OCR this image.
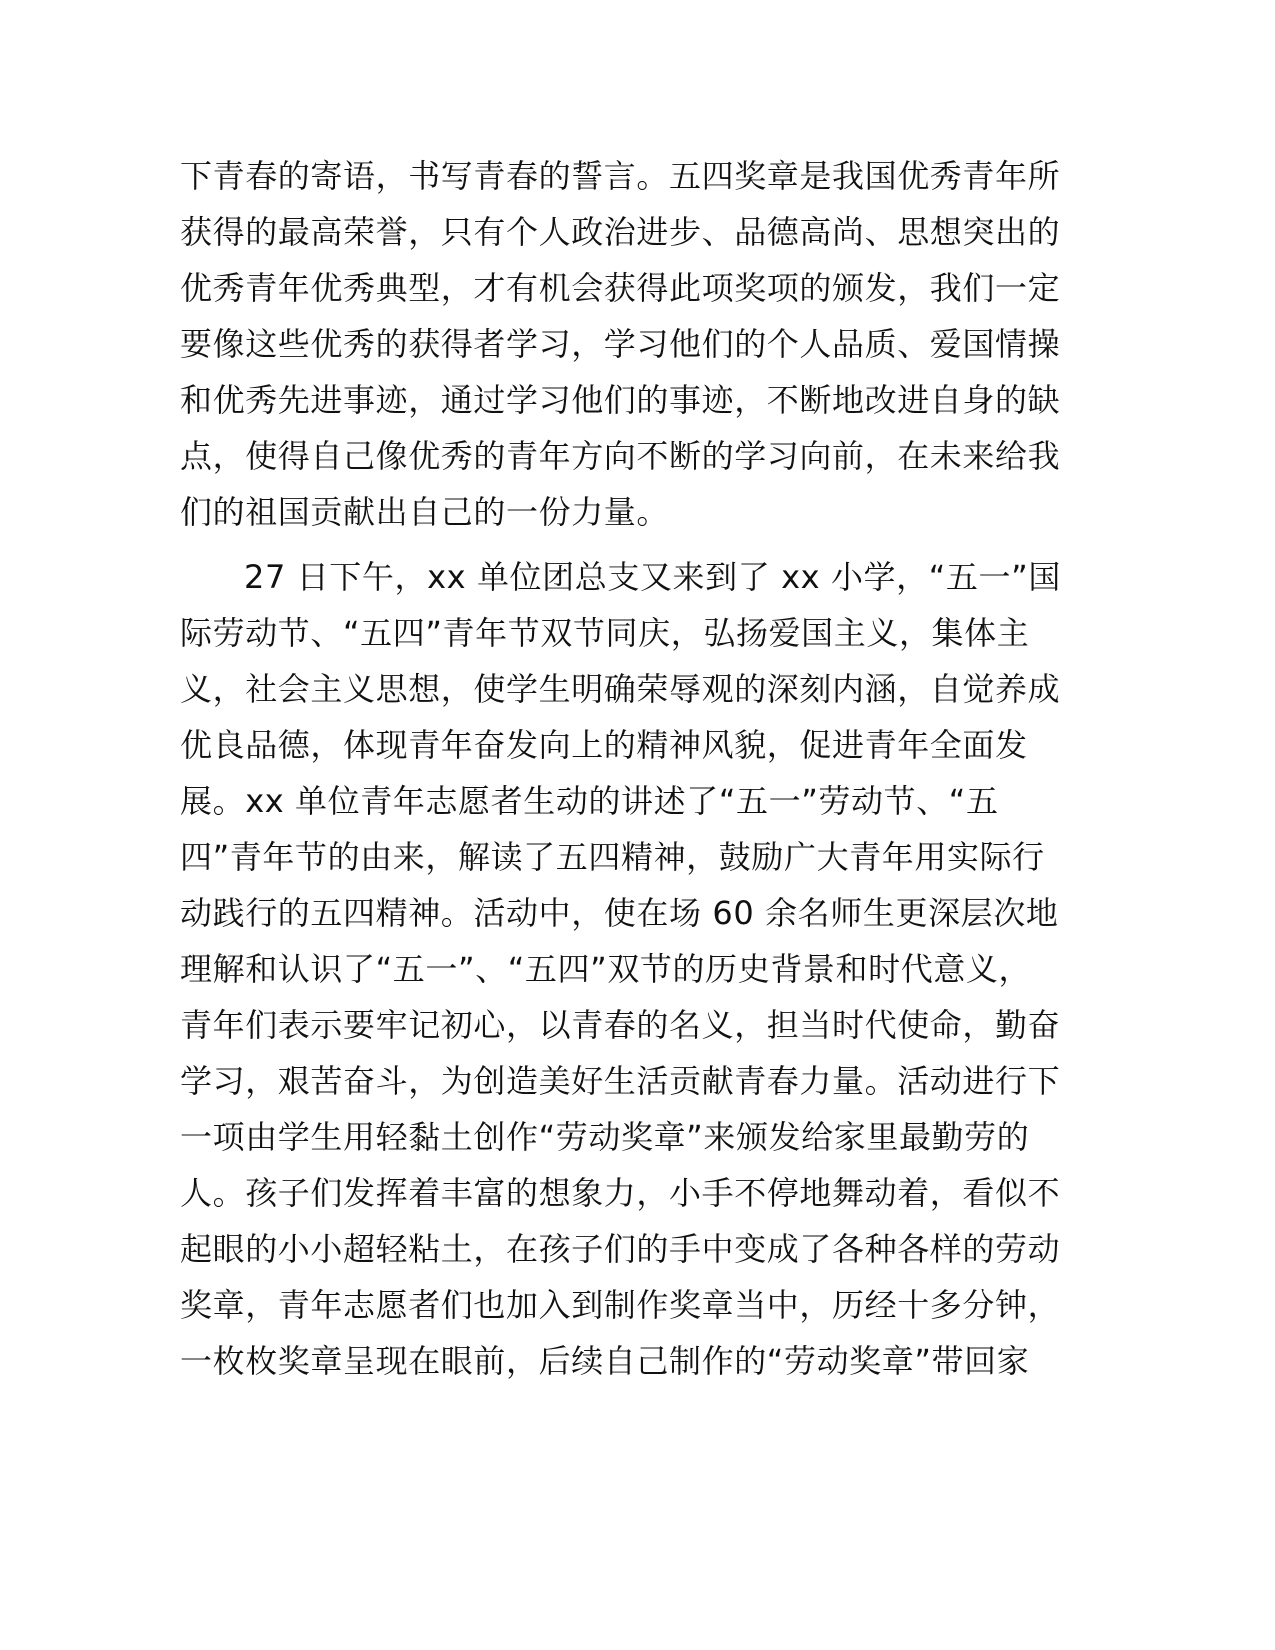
下青春的寄语，书写青春的誓言。五四奖章是我国优秀青年所
获得的最高荣誉，只有个人政治进步、品德高尚、思想突出的
优秀青年优秀典型，才有机会获得此项奖项的颁发，我们一定
要像这些优秀的获得者学习，学习他们的个人品质、爱国情操
和优秀先进事迹，通过学习他们的事迹，不断地改进自身的缺
点，使得自己像优秀的青年方向不断的学习向前，在未来给我
们的祖国贡献出自己的一份力量。
27 日下午，xx 单位团总支又来到了 xx 小学，“五一”国
际劳动节、“五四”青年节双节同庆，弘扬爱国主义，集体主
义，社会主义思想，使学生明确荣辱观的深刻内涵，自觉养成
优良品德，体现青年奋发向上的精神风貌，促进青年全面发
展。xx 单位青年志愿者生动的讲述了“五一”劳动节、“五
四”青年节的由来，解读了五四精神，鼓励广大青年用实际行
动践行的五四精神。活动中，使在场 60 余名师生更深层次地
理解和认识了“五一”、“五四”双节的历史背景和时代意义，
青年们表示要牢记初心，以青春的名义，担当时代使命，勤奋
学习，艰苦奋斗，为创造美好生活贡献青春力量。活动进行下
一项由学生用轻黏土创作“劳动奖章”来颁发给家里最勤劳的
人。孩子们发挥着丰富的想象力，小手不停地舞动着，看似不
起眼的小小超轻粘土，在孩子们的手中变成了各种各样的劳动
奖章，青年志愿者们也加入到制作奖章当中，历经十多分钟，
一枚枚奖章呈现在眼前，后续自己制作的“劳动奖章”带回家
